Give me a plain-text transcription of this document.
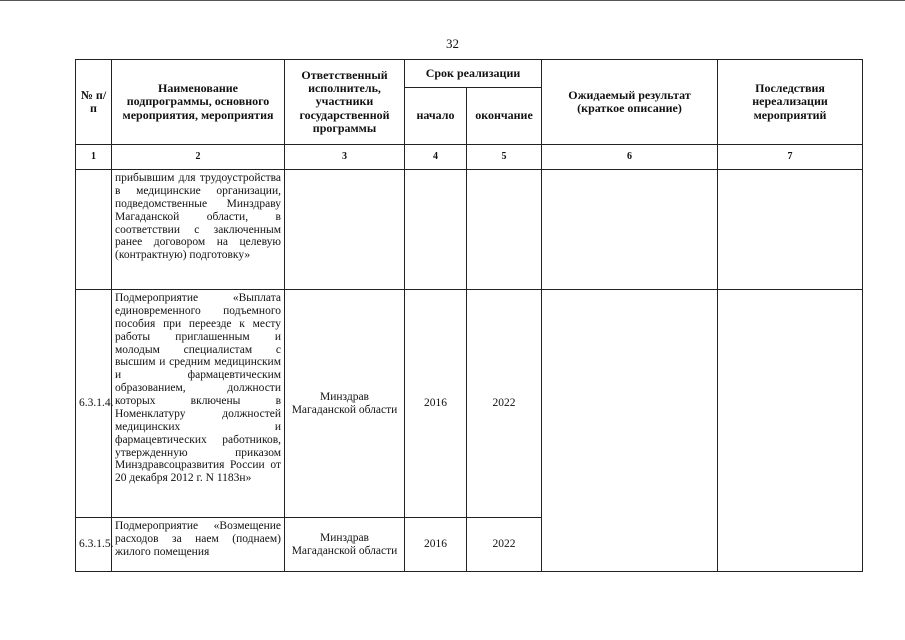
32
№ п/п	Наименование подпрограммы, основного мероприятия, мероприятия	Ответственный исполнитель, участники государственной программы	Срок реализации		Ожидаемый результат (краткое описание)	Последствия нереализации мероприятий
			начало	окончание		
1	2	3	4	5	6	7
	прибывшим для трудоустройства в медицинские организации, подведомственные Минздраву Магаданской области, в соответствии с заключенным ранее договором на целевую (контрактную) подготовку»					
6.3.1.4.	Подмероприятие «Выплата единовременного подъемного пособия при переезде к месту работы приглашенным и молодым специалистам с высшим и средним медицинским и фармацевтическим образованием, должности которых включены в Номенклатуру должностей медицинских и фармацевтических работников, утвержденную приказом Минздравсоцразвития России от 20 декабря 2012 г. N 1183н»	Минздрав Магаданской области	2016	2022		
6.3.1.5.	Подмероприятие «Возмещение расходов за наем (поднаем) жилого помещения	Минздрав Магаданской области	2016	2022		
